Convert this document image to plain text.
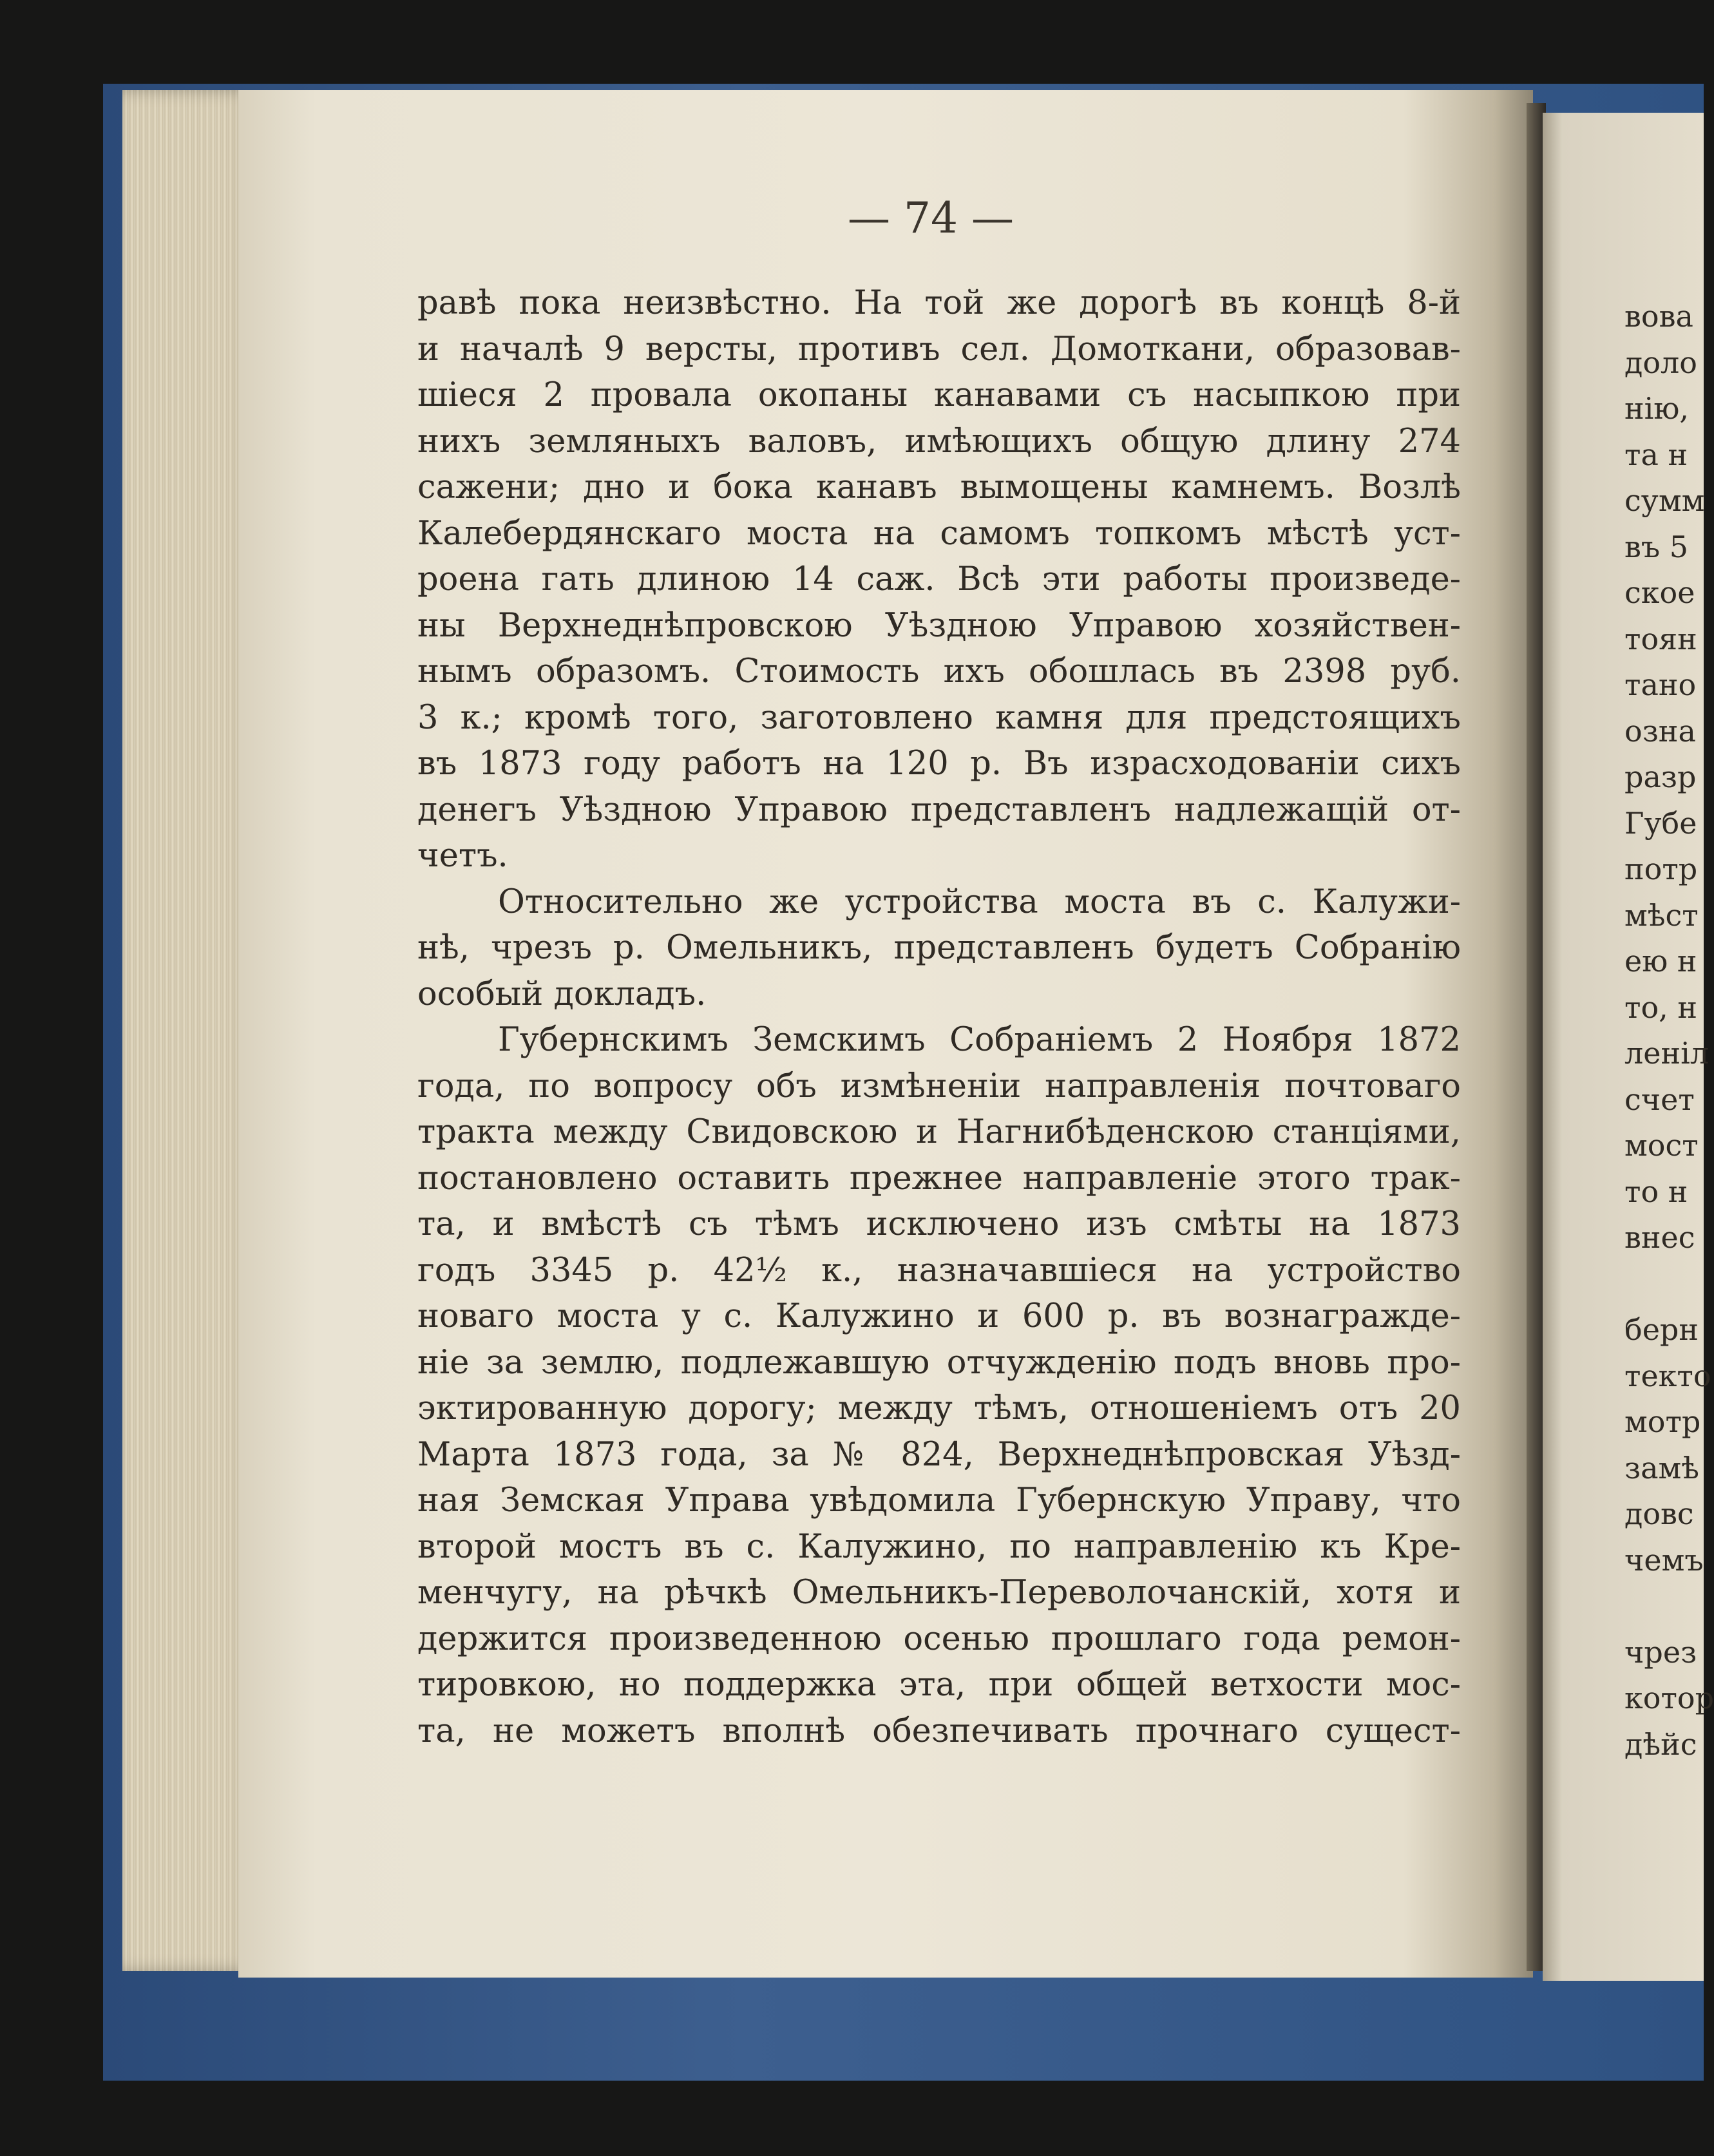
— 74 —
равѣ пока неизвѣстно. На той же дорогѣ въ концѣ 8-й
и началѣ 9 версты, противъ сел. Домоткани, образовав-
шіеся 2 провала окопаны канавами съ насыпкою при
нихъ земляныхъ валовъ, имѣющихъ общую длину 274
сажени; дно и бока канавъ вымощены камнемъ. Возлѣ
Калебердянскаго моста на самомъ топкомъ мѣстѣ уст-
роена гать длиною 14 саж. Всѣ эти работы произведе-
ны Верхнеднѣпровскою Уѣздною Управою хозяйствен-
нымъ образомъ. Стоимость ихъ обошлась въ 2398 руб.
3 к.; кромѣ того, заготовлено камня для предстоящихъ
въ 1873 году работъ на 120 р. Въ израсходованіи сихъ
денегъ Уѣздною Управою представленъ надлежащій от-
четъ.
Относительно же устройства моста въ с. Калужи-
нѣ, чрезъ р. Омельникъ, представленъ будетъ Собранію
особый докладъ.
Губернскимъ Земскимъ Собраніемъ 2 Ноября 1872
года, по вопросу объ измѣненіи направленія почтоваго
тракта между Свидовскою и Нагнибѣденскою станціями,
постановлено оставить прежнее направленіе этого трак-
та, и вмѣстѣ съ тѣмъ исключено изъ смѣты на 1873
годъ 3345 р. 42½ к., назначавшіеся на устройство
новаго моста у с. Калужино и 600 р. въ вознагражде-
ніе за землю, подлежавшую отчужденію подъ вновь про-
эктированную дорогу; между тѣмъ, отношеніемъ отъ 20
Марта 1873 года, за № 824, Верхнеднѣпровская Уѣзд-
ная Земская Управа увѣдомила Губернскую Управу, что
второй мостъ въ с. Калужино, по направленію къ Кре-
менчугу, на рѣчкѣ Омельникъ-Переволочанскій, хотя и
держится произведенною осенью прошлаго года ремон-
тировкою, но поддержка эта, при общей ветхости мос-
та, не можетъ вполнѣ обезпечивать прочнаго сущест-
вова
доло
нію,
та н
сумм
въ 5
ское
тоян
тано
озна
разр
Губе
потр
мѣст
ею н
то, н
леніл
счет
мост
то н
внес
берн
текто
мотр
замѣ
довс
чемъ
чрез
котор
дѣйс
